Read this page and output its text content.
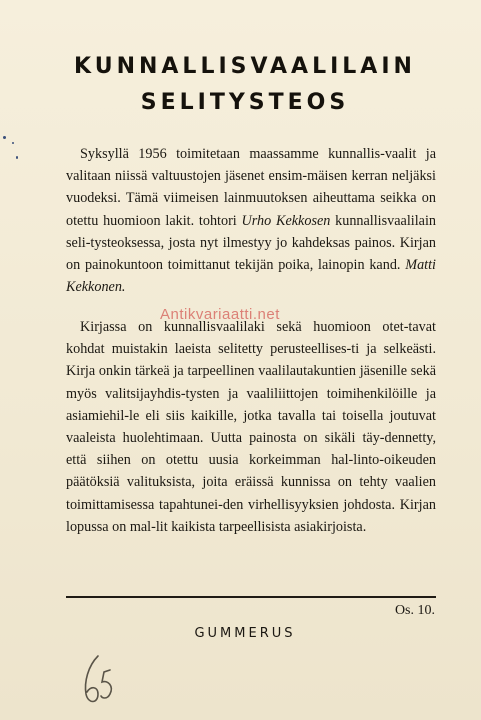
KUNNALLISVAALILAIN
SELITYSTEOS

Syksyllä 1956 toimitetaan maassamme kunnallis-vaalit ja valitaan niissä valtuustojen jäsenet ensim-mäisen kerran neljäksi vuodeksi. Tämä viimeisen lainmuutoksen aiheuttama seikka on otettu huomioon lakit. tohtori Urho Kekkosen kunnallisvaalilain seli-tysteoksessa, josta nyt ilmestyy jo kahdeksas painos. Kirjan on painokuntoon toimittanut tekijän poika, lainopin kand. Matti Kekkonen.

Kirjassa on kunnallisvaalilaki sekä huomioon otet-tavat kohdat muistakin laeista selitetty perusteellises-ti ja selkeästi. Kirja onkin tärkeä ja tarpeellinen vaalilautakuntien jäsenille sekä myös valitsijayhdis-tysten ja vaaliliittojen toimihenkilöille ja asiamiehil-le eli siis kaikille, jotka tavalla tai toisella joutuvat vaaleista huolehtimaan. Uutta painosta on sikäli täy-dennetty, että siihen on otettu uusia korkeimman hal-linto-oikeuden päätöksiä valituksista, joita eräissä kunnissa on tehty vaalien toimittamisessa tapahtunei-den virhellisyyksien johdosta. Kirjan lopussa on mal-lit kaikista tarpeellisista asiakirjoista.

Antikvariaatti.net
Os. 10.
GUMMERUS
